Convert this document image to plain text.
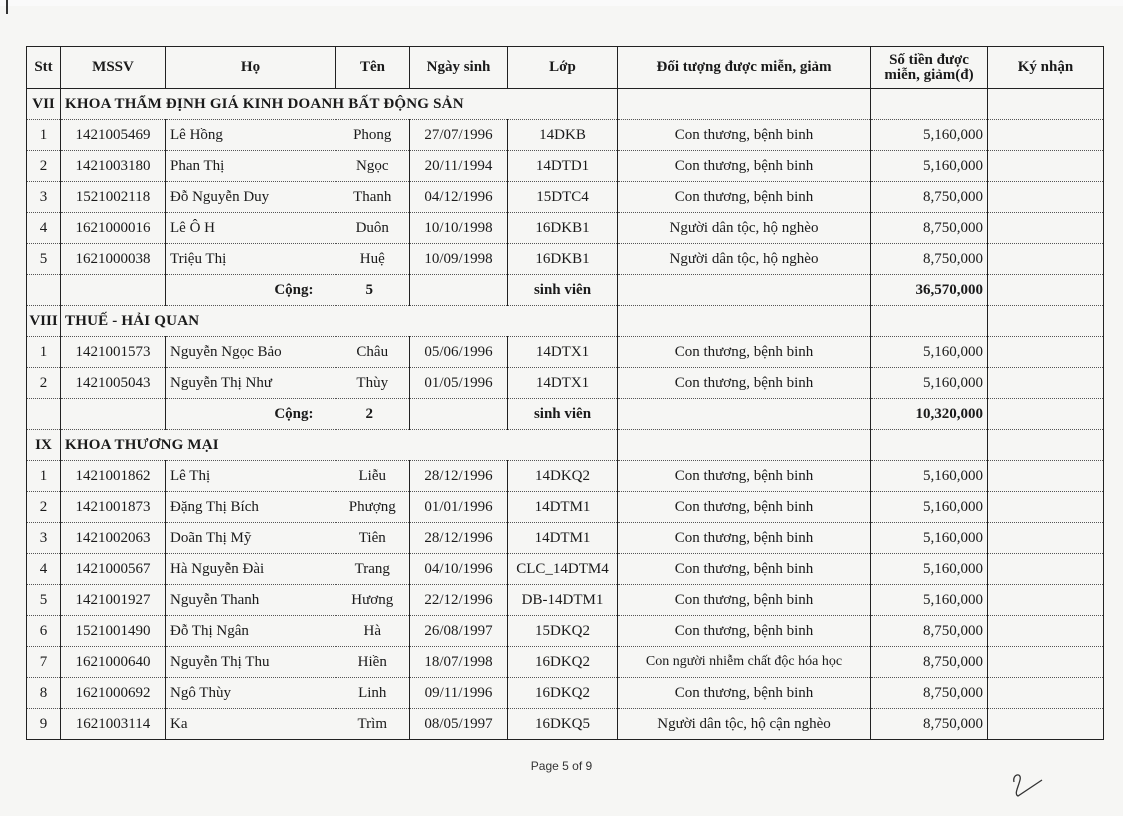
Stt	MSSV	Họ	Tên	Ngày sinh	Lớp	Đối tượng được miễn, giảm	Số tiền được
miễn, giảm(đ)	Ký nhận
VII	KHOA THẨM ĐỊNH GIÁ KINH DOANH BẤT ĐỘNG SẢN							
1	1421005469	Lê Hồng	Phong	27/07/1996	14DKB	Con thương, bệnh binh	5,160,000	
2	1421003180	Phan Thị	Ngọc	20/11/1994	14DTD1	Con thương, bệnh binh	5,160,000	
3	1521002118	Đỗ Nguyễn Duy	Thanh	04/12/1996	15DTC4	Con thương, bệnh binh	8,750,000	
4	1621000016	Lê Ô H	Duôn	10/10/1998	16DKB1	Người dân tộc, hộ nghèo	8,750,000	
5	1621000038	Triệu Thị	Huệ	10/09/1998	16DKB1	Người dân tộc, hộ nghèo	8,750,000	
		Cộng:	5		sinh viên		36,570,000	
VIII	THUẾ - HẢI QUAN							
1	1421001573	Nguyễn Ngọc Bảo	Châu	05/06/1996	14DTX1	Con thương, bệnh binh	5,160,000	
2	1421005043	Nguyễn Thị Như	Thùy	01/05/1996	14DTX1	Con thương, bệnh binh	5,160,000	
		Cộng:	2		sinh viên		10,320,000	
IX	KHOA THƯƠNG MẠI							
1	1421001862	Lê Thị	Liễu	28/12/1996	14DKQ2	Con thương, bệnh binh	5,160,000	
2	1421001873	Đặng Thị Bích	Phượng	01/01/1996	14DTM1	Con thương, bệnh binh	5,160,000	
3	1421002063	Doãn Thị Mỹ	Tiên	28/12/1996	14DTM1	Con thương, bệnh binh	5,160,000	
4	1421000567	Hà Nguyễn Đài	Trang	04/10/1996	CLC_14DTM4	Con thương, bệnh binh	5,160,000	
5	1421001927	Nguyễn Thanh	Hương	22/12/1996	DB-14DTM1	Con thương, bệnh binh	5,160,000	
6	1521001490	Đỗ Thị Ngân	Hà	26/08/1997	15DKQ2	Con thương, bệnh binh	8,750,000	
7	1621000640	Nguyễn Thị Thu	Hiền	18/07/1998	16DKQ2	Con người nhiễm chất độc hóa học	8,750,000	
8	1621000692	Ngô Thùy	Linh	09/11/1996	16DKQ2	Con thương, bệnh binh	8,750,000	
9	1621003114	Ka	Trìm	08/05/1997	16DKQ5	Người dân tộc, hộ cận nghèo	8,750,000	
Page 5 of 9
